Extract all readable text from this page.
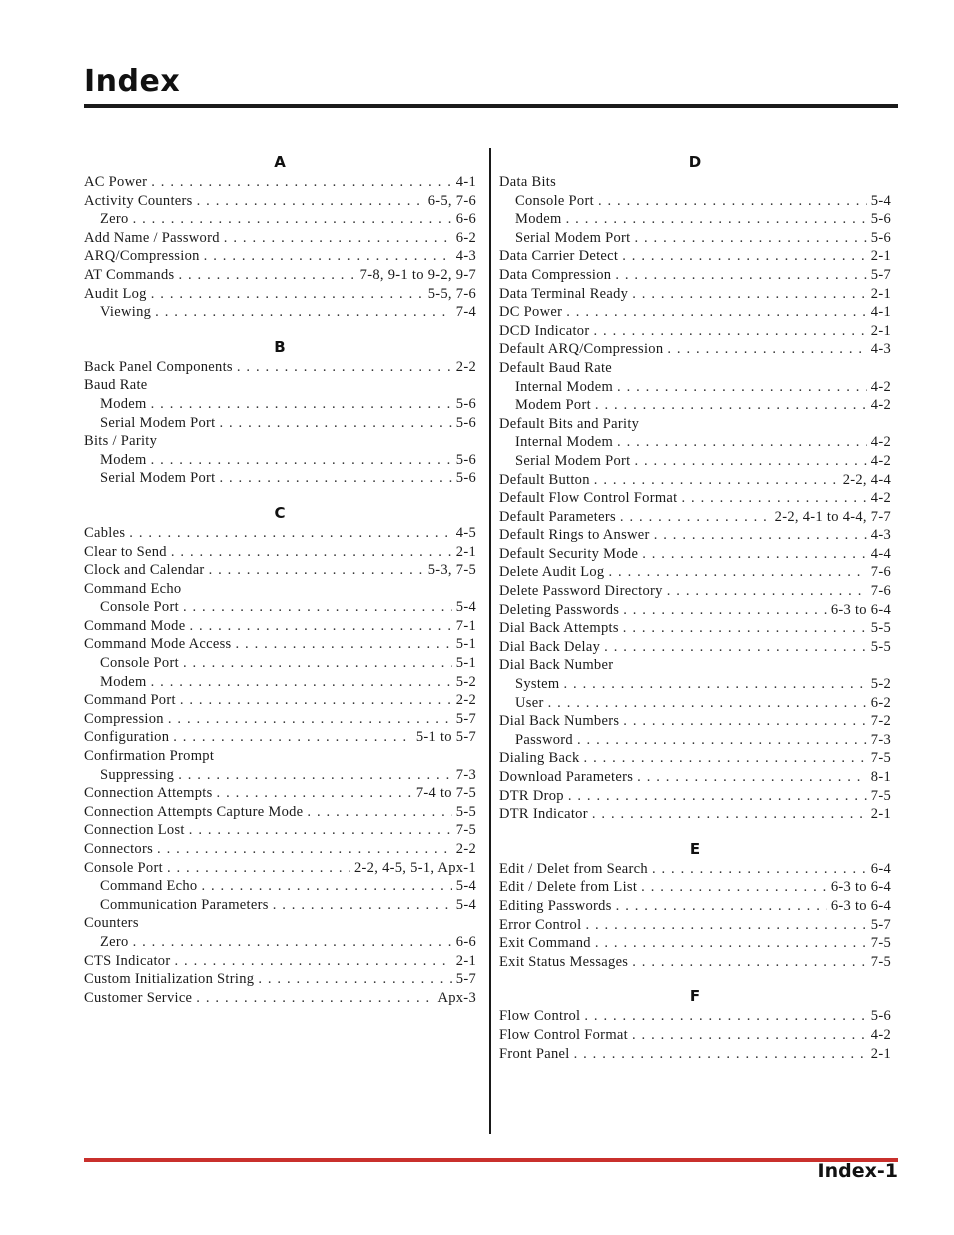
Index
A
AC Power . . .	4-1
Activity Counters . . .	6-5, 7-6
Zero . . .	6-6
Add Name / Password . . .	6-2
ARQ/Compression . . .	4-3
AT Commands . . .	7-8, 9-1 to 9-2, 9-7
Audit Log . . .	5-5, 7-6
Viewing . . .	7-4
B
Back Panel Components . . .	2-2
Baud Rate
Modem . . .	5-6
Serial Modem Port . . .	5-6
Bits / Parity
Modem . . .	5-6
Serial Modem Port . . .	5-6
C
Cables . . .	4-5
Clear to Send . . .	2-1
Clock and Calendar . . .	5-3, 7-5
Command Echo
Console Port . . .	5-4
Command Mode . . .	7-1
Command Mode Access . . .	5-1
Console Port . . .	5-1
Modem . . .	5-2
Command Port . . .	2-2
Compression . . .	5-7
Configuration . . .	5-1 to 5-7
Confirmation Prompt
Suppressing . . .	7-3
Connection Attempts . . .	7-4 to 7-5
Connection Attempts Capture Mode . . .	5-5
Connection Lost . . .	7-5
Connectors . . .	2-2
Console Port . . .	2-2, 4-5, 5-1, Apx-1
Command Echo . . .	5-4
Communication Parameters . . .	5-4
Counters
Zero . . .	6-6
CTS Indicator . . .	2-1
Custom Initialization String . . .	5-7
Customer Service . . .	Apx-3
D
Data Bits
Console Port . . .	5-4
Modem . . .	5-6
Serial Modem Port . . .	5-6
Data Carrier Detect . . .	2-1
Data Compression . . .	5-7
Data Terminal Ready . . .	2-1
DC Power . . .	4-1
DCD Indicator . . .	2-1
Default ARQ/Compression . . .	4-3
Default Baud Rate
Internal Modem . . .	4-2
Modem Port . . .	4-2
Default Bits and Parity
Internal Modem . . .	4-2
Serial Modem Port . . .	4-2
Default Button . . .	2-2, 4-4
Default Flow Control Format . . .	4-2
Default Parameters . . .	2-2, 4-1 to 4-4, 7-7
Default Rings to Answer . . .	4-3
Default Security Mode . . .	4-4
Delete Audit Log . . .	7-6
Delete Password Directory . . .	7-6
Deleting Passwords . . .	6-3 to 6-4
Dial Back Attempts . . .	5-5
Dial Back Delay . . .	5-5
Dial Back Number
System . . .	5-2
User . . .	6-2
Dial Back Numbers . . .	7-2
Password . . .	7-3
Dialing Back . . .	7-5
Download Parameters . . .	8-1
DTR Drop . . .	7-5
DTR Indicator . . .	2-1
E
Edit / Delet from Search . . .	6-4
Edit / Delete from List . . .	6-3 to 6-4
Editing Passwords . . .	6-3 to 6-4
Error Control . . .	5-7
Exit Command . . .	7-5
Exit Status Messages . . .	7-5
F
Flow Control . . .	5-6
Flow Control Format . . .	4-2
Front Panel . . .	2-1
Index-1
